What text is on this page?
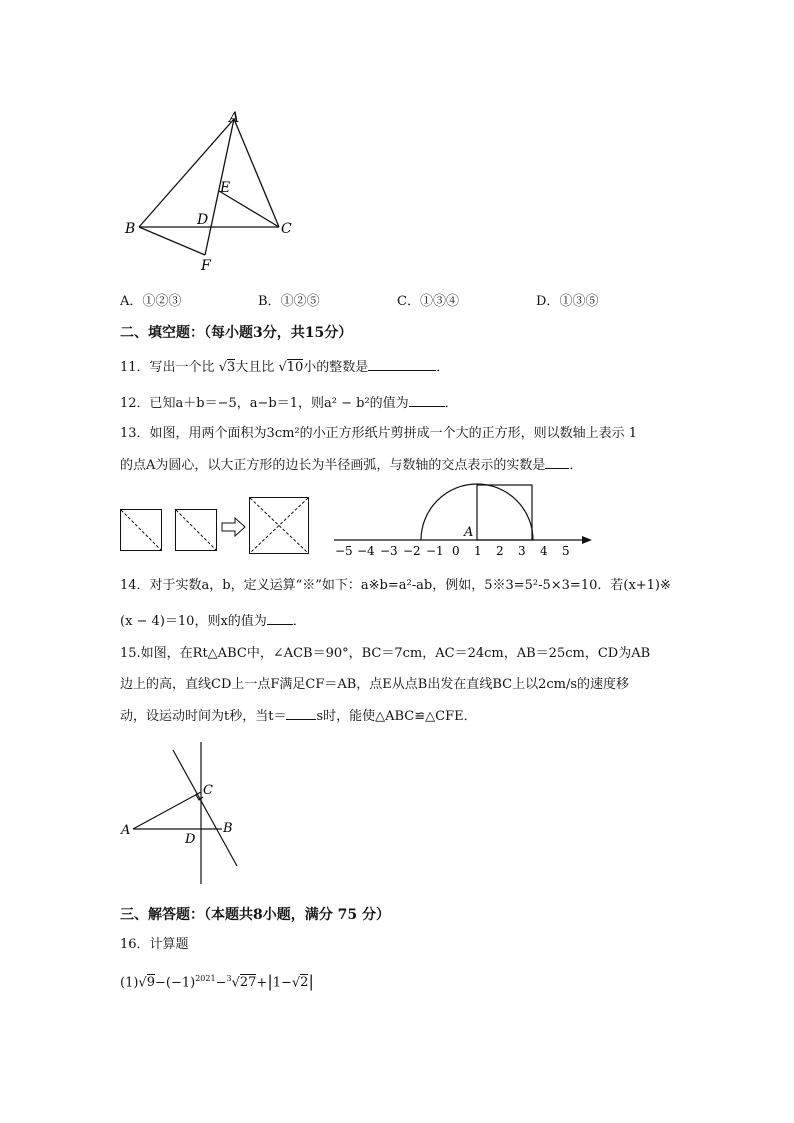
A
B	C
D
E
F
A．①②③	B．①②⑤	C．①③④	D．①③⑤
二、填空题：（每小题3分，共15分）
11．写出一个比 √3大且比 √10小的整数是	．
12．已知a＋b＝−5，a−b＝1，则a² − b²的值为	．
13．如图，用两个面积为3cm²的小正方形纸片剪拼成一个大的正方形，则以数轴上表示 1
的点A为圆心，以大正方形的边长为半径画弧，与数轴的交点表示的实数是 ．
A
−5 −4 −3 −2 −1 0 1 2 3 4 5
14．对于实数a，b，定义运算“※”如下：a※b=a²-ab，例如，5※3=5²-5×3=10．若(x+1)※
(x − 4)＝10，则x的值为 ．
15.如图，在Rt△ABC中，∠ACB＝90°，BC＝7cm，AC＝24cm，AB＝25cm，CD为AB
边上的高，直线CD上一点F满足CF＝AB，点E从点B出发在直线BC上以2cm/s的速度移
动，设运动时间为t秒，当t＝ s时，能使△ABC≌△CFE．
A	B
C
D
三、解答题：（本题共8小题，满分 75 分）
16．计算题
$(1)√9-(-1)^{2021}-^3√27+|1-√2|$
